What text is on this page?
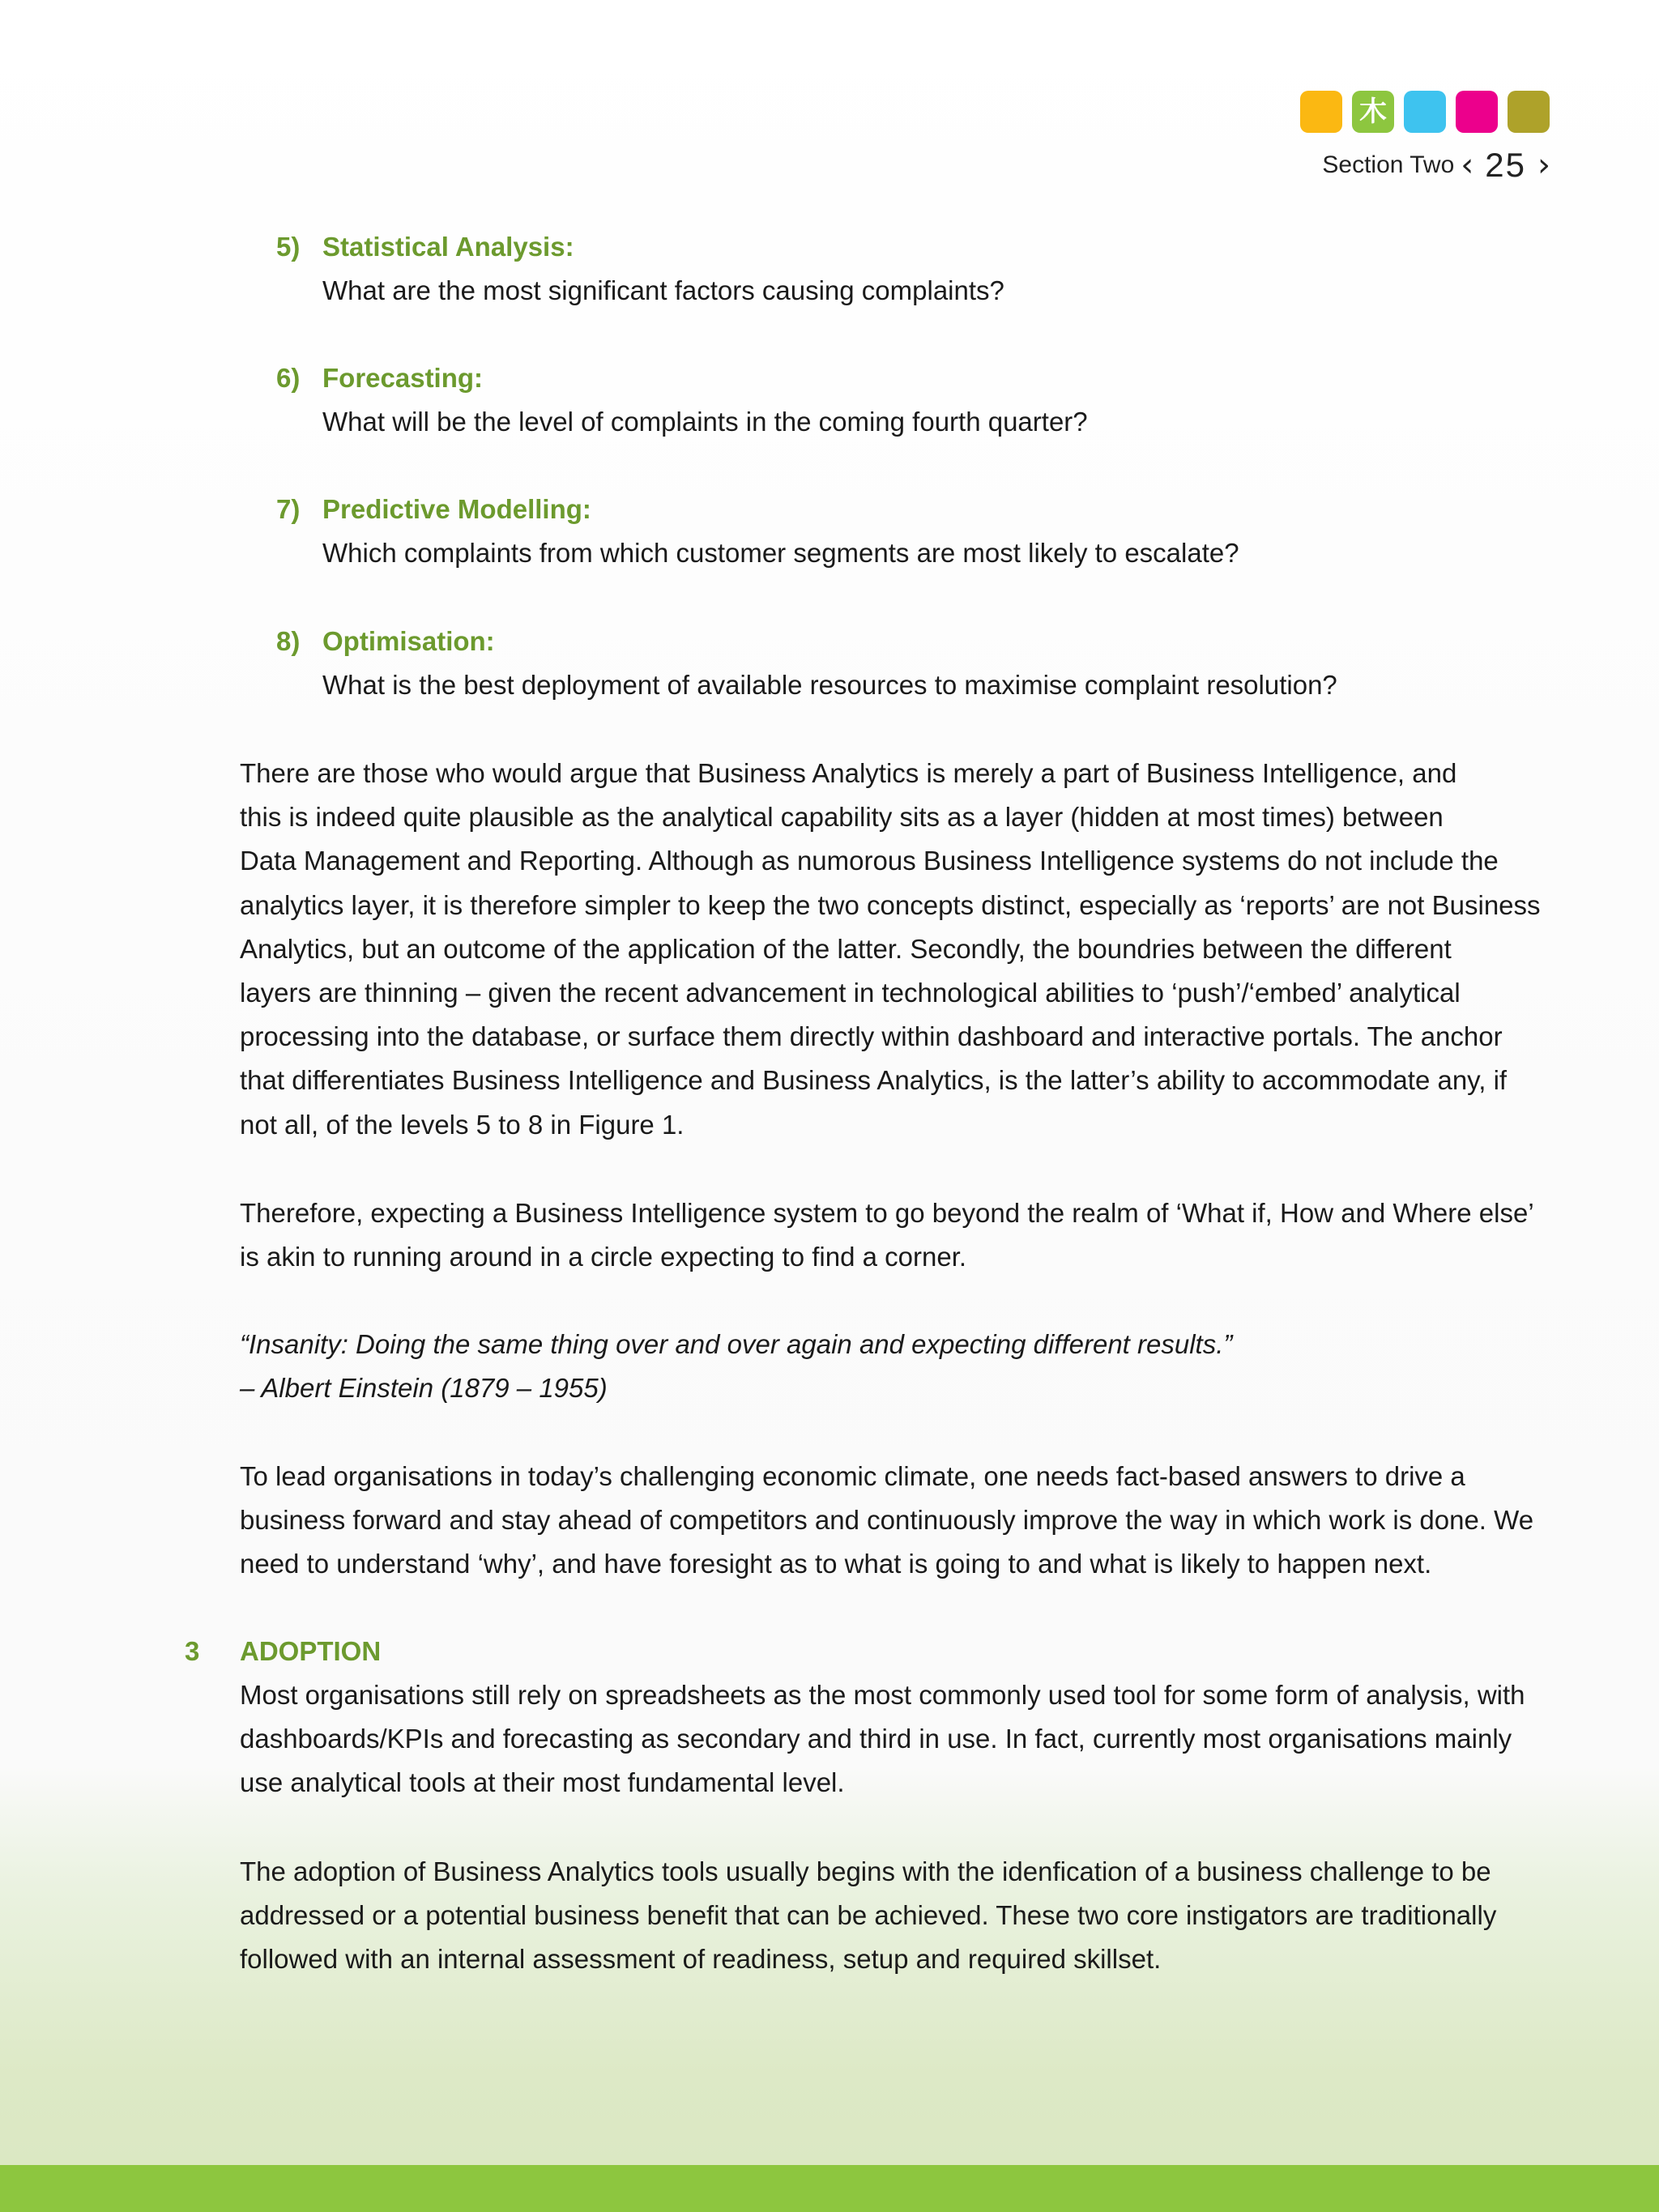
木
Section Two ‹ 25 ›
5) Statistical Analysis:
What are the most significant factors causing complaints?
6) Forecasting:
What will be the level of complaints in the coming fourth quarter?
7) Predictive Modelling:
Which complaints from which customer segments are most likely to escalate?
8) Optimisation:
What is the best deployment of available resources to maximise complaint resolution?

There are those who would argue that Business Analytics is merely a part of Business Intelligence, and
this is indeed quite plausible as the analytical capability sits as a layer (hidden at most times) between
Data Management and Reporting. Although as numorous Business Intelligence systems do not include the
analytics layer, it is therefore simpler to keep the two concepts distinct, especially as ‘reports’ are not Business
Analytics, but an outcome of the application of the latter. Secondly, the boundries between the different
layers are thinning – given the recent advancement in technological abilities to ‘push’/‘embed’ analytical
processing into the database, or surface them directly within dashboard and interactive portals. The anchor
that differentiates Business Intelligence and Business Analytics, is the latter’s ability to accommodate any, if
not all, of the levels 5 to 8 in Figure 1.

Therefore, expecting a Business Intelligence system to go beyond the realm of ‘What if, How and Where else’
is akin to running around in a circle expecting to find a corner.

“Insanity: Doing the same thing over and over again and expecting different results.”
– Albert Einstein (1879 – 1955)

To lead organisations in today’s challenging economic climate, one needs fact-based answers to drive a
business forward and stay ahead of competitors and continuously improve the way in which work is done. We
need to understand ‘why’, and have foresight as to what is going to and what is likely to happen next.

3 ADOPTION

Most organisations still rely on spreadsheets as the most commonly used tool for some form of analysis, with
dashboards/KPIs and forecasting as secondary and third in use. In fact, currently most organisations mainly
use analytical tools at their most fundamental level.

The adoption of Business Analytics tools usually begins with the idenfication of a business challenge to be
addressed or a potential business benefit that can be achieved. These two core instigators are traditionally
followed with an internal assessment of readiness, setup and required skillset.
